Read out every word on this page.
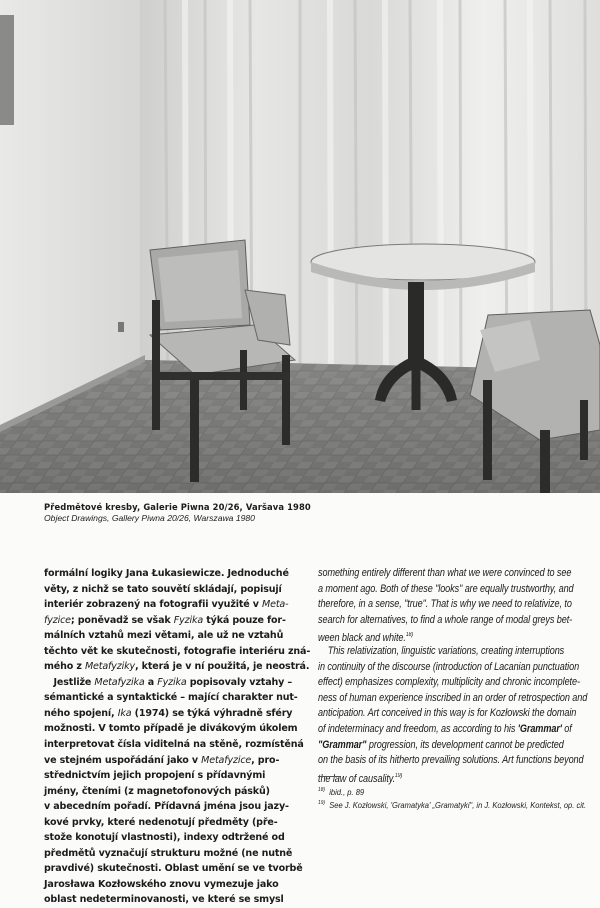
Předmětové kresby, Galerie Piwna 20/26, Varšava 1980
Object Drawings, Gallery Piwna 20/26, Warszawa 1980
formální logiky Jana Łukasiewicze. Jednoduché
věty, z nichž se tato souvětí skládají, popisují
interiér zobrazený na fotografii využité v Meta-
fyzice; poněvadž se však Fyzika týká pouze for-
málních vztahů mezi větami, ale už ne vztahů
těchto vět ke skutečnosti, fotografie interiéru zná-
mého z Metafyziky, která je v ní použitá, je neostrá.
Jestliže Metafyzika a Fyzika popisovaly vztahy –
sémantické a syntaktické – mající charakter nut-
ného spojení, Ika (1974) se týká výhradně sféry
možnosti. V tomto případě je divákovým úkolem
interpretovat čísla viditelná na stěně, rozmístěná
ve stejném uspořádání jako v Metafyzice, pro-
střednictvím jejich propojení s přídavnými
jmény, čteními (z magnetofonových pásků)
v abecedním pořadí. Přídavná jména jsou jazy-
kové prvky, které nedenotují předměty (pře-
stože konotují vlastnosti), indexy odtržené od
předmětů vyznačují strukturu možné (ne nutně
pravdivé) skutečnosti. Oblast umění se ve tvorbě
Jarosława Kozłowského znovu vymezuje jako
oblast nedeterminovanosti, ve které se smysl
something entirely different than what we were convinced to see
a moment ago. Both of these "looks" are equally trustworthy, and
therefore, in a sense, "true". That is why we need to relativize, to
search for alternatives, to find a whole range of modal greys bet-
ween black and white.$^{18)}$
This relativization, linguistic variations, creating interruptions
in continuity of the discourse (introduction of Lacanian punctuation
effect) emphasizes complexity, multiplicity and chronic incomplete-
ness of human experience inscribed in an order of retrospection and
anticipation. Art conceived in this way is for Kozłowski the domain
of indeterminacy and freedom, as according to his 'Grammar' of
"Grammar" progression, its development cannot be predicted
on the basis of its hitherto prevailing solutions. Art functions beyond
the law of causality.$^{19)}$
$^{18)}$ ibid., p. 89
$^{19)}$ See J. Kozłowski, 'Gramatyka' „Gramatyki", in J. Kozłowski, Kontekst, op. cit.
